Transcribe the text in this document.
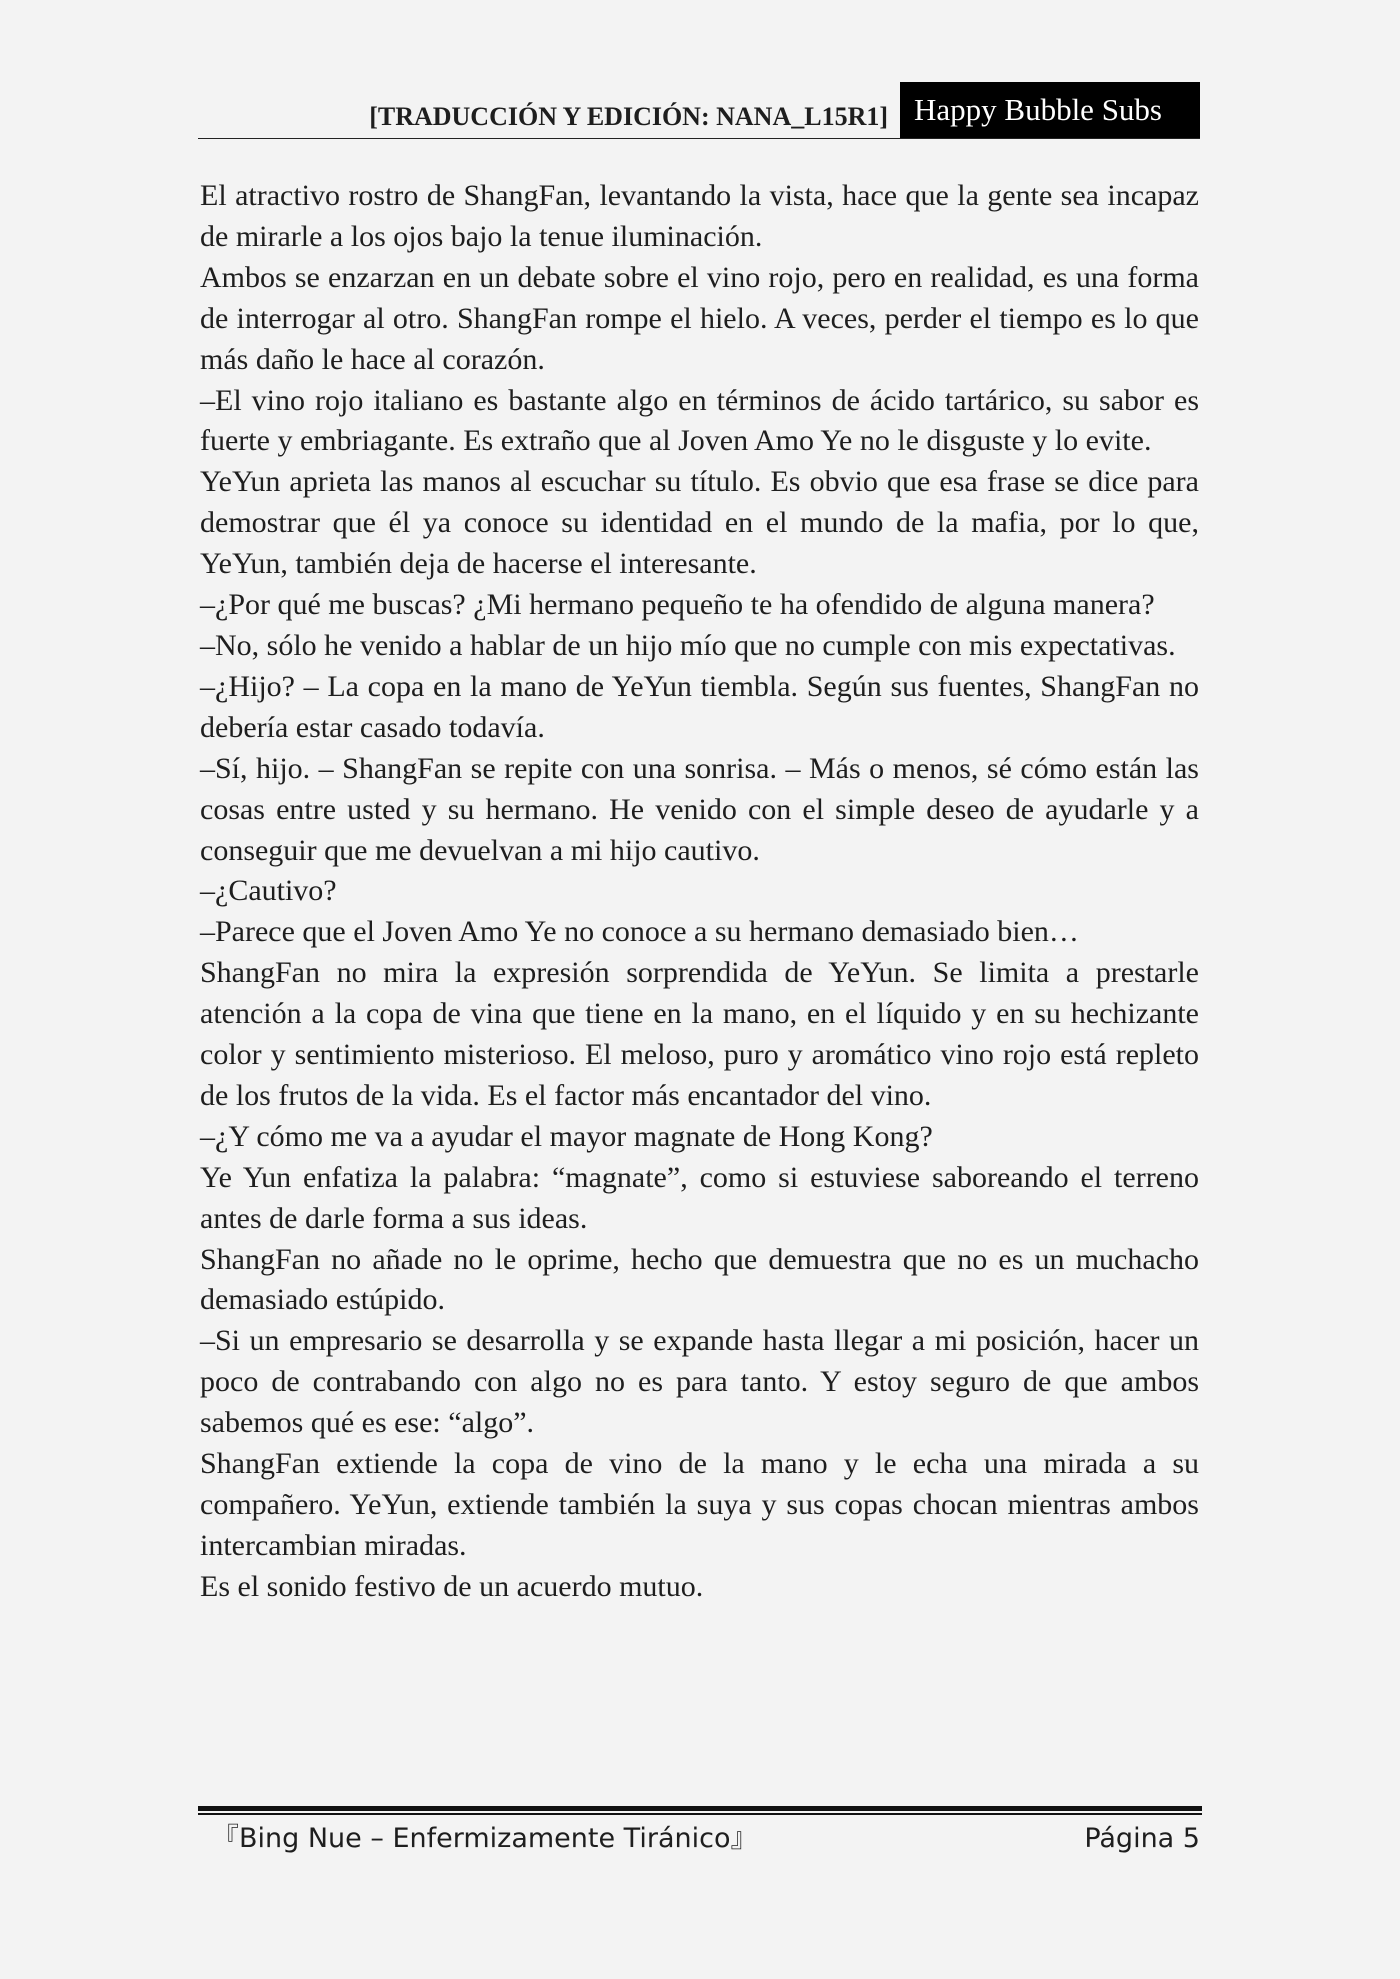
[TRADUCCIÓN Y EDICIÓN: NANA_L15R1] Happy Bubble Subs

El atractivo rostro de ShangFan, levantando la vista, hace que la gente sea incapaz de mirarle a los ojos bajo la tenue iluminación.

Ambos se enzarzan en un debate sobre el vino rojo, pero en realidad, es una forma de interrogar al otro. ShangFan rompe el hielo. A veces, perder el tiempo es lo que más daño le hace al corazón.

–El vino rojo italiano es bastante algo en términos de ácido tartárico, su sabor es fuerte y embriagante. Es extraño que al Joven Amo Ye no le disguste y lo evite.

YeYun aprieta las manos al escuchar su título. Es obvio que esa frase se dice para demostrar que él ya conoce su identidad en el mundo de la mafia, por lo que, YeYun, también deja de hacerse el interesante.

–¿Por qué me buscas? ¿Mi hermano pequeño te ha ofendido de alguna manera?

–No, sólo he venido a hablar de un hijo mío que no cumple con mis expectativas.

–¿Hijo? – La copa en la mano de YeYun tiembla. Según sus fuentes, ShangFan no debería estar casado todavía.

–Sí, hijo. – ShangFan se repite con una sonrisa. – Más o menos, sé cómo están las cosas entre usted y su hermano. He venido con el simple deseo de ayudarle y a conseguir que me devuelvan a mi hijo cautivo.

–¿Cautivo?

–Parece que el Joven Amo Ye no conoce a su hermano demasiado bien…

ShangFan no mira la expresión sorprendida de YeYun. Se limita a prestarle atención a la copa de vina que tiene en la mano, en el líquido y en su hechizante color y sentimiento misterioso. El meloso, puro y aromático vino rojo está repleto de los frutos de la vida. Es el factor más encantador del vino.

–¿Y cómo me va a ayudar el mayor magnate de Hong Kong?

Ye Yun enfatiza la palabra: “magnate”, como si estuviese saboreando el terreno antes de darle forma a sus ideas.

ShangFan no añade no le oprime, hecho que demuestra que no es un muchacho demasiado estúpido.

–Si un empresario se desarrolla y se expande hasta llegar a mi posición, hacer un poco de contrabando con algo no es para tanto. Y estoy seguro de que ambos sabemos qué es ese: “algo”.

ShangFan extiende la copa de vino de la mano y le echa una mirada a su compañero. YeYun, extiende también la suya y sus copas chocan mientras ambos intercambian miradas.

Es el sonido festivo de un acuerdo mutuo.

『Bing Nue – Enfermizamente Tiránico』	Página 5
